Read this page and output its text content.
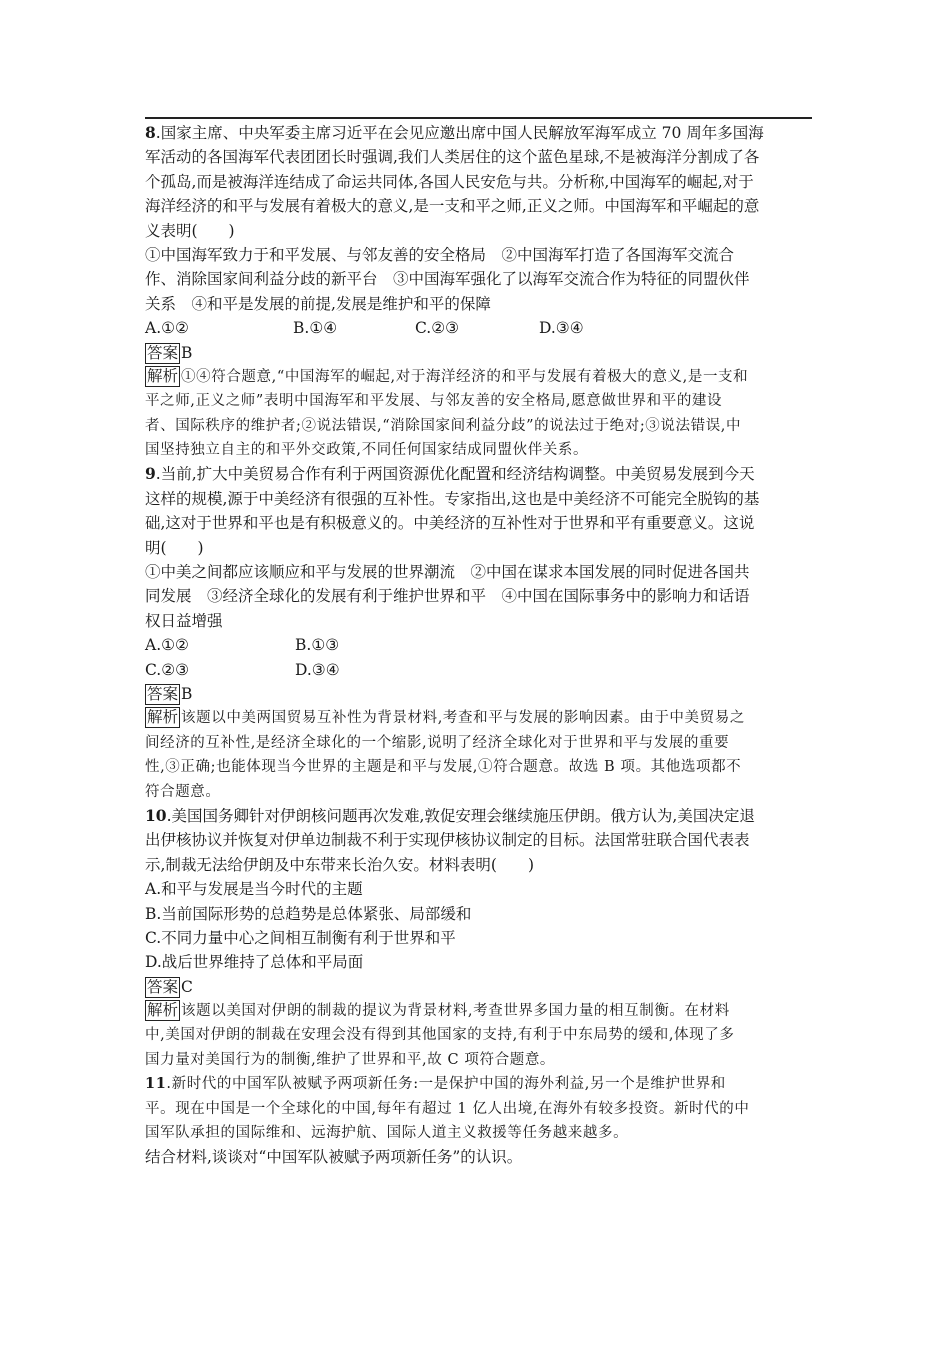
8.国家主席、中央军委主席习近平在会见应邀出席中国人民解放军海军成立 70 周年多国海
军活动的各国海军代表团团长时强调,我们人类居住的这个蓝色星球,不是被海洋分割成了各
个孤岛,而是被海洋连结成了命运共同体,各国人民安危与共。分析称,中国海军的崛起,对于
海洋经济的和平与发展有着极大的意义,是一支和平之师,正义之师。中国海军和平崛起的意
义表明(　　)
①中国海军致力于和平发展、与邻友善的安全格局　②中国海军打造了各国海军交流合
作、消除国家间利益分歧的新平台　③中国海军强化了以海军交流合作为特征的同盟伙伴
关系　④和平是发展的前提,发展是维护和平的保障
A.①②	B.①④	C.②③	D.③④
答案 B
解析 ①④符合题意,“中国海军的崛起,对于海洋经济的和平与发展有着极大的意义,是一支和
平之师,正义之师”表明中国海军和平发展、与邻友善的安全格局,愿意做世界和平的建设
者、国际秩序的维护者;②说法错误,“消除国家间利益分歧”的说法过于绝对;③说法错误,中
国坚持独立自主的和平外交政策,不同任何国家结成同盟伙伴关系。
9.当前,扩大中美贸易合作有利于两国资源优化配置和经济结构调整。中美贸易发展到今天
这样的规模,源于中美经济有很强的互补性。专家指出,这也是中美经济不可能完全脱钩的基
础,这对于世界和平也是有积极意义的。中美经济的互补性对于世界和平有重要意义。这说
明(　　)
①中美之间都应该顺应和平与发展的世界潮流　②中国在谋求本国发展的同时促进各国共
同发展　③经济全球化的发展有利于维护世界和平　④中国在国际事务中的影响力和话语
权日益增强
A.①②	B.①③
C.②③	D.③④
答案 B
解析 该题以中美两国贸易互补性为背景材料,考查和平与发展的影响因素。由于中美贸易之
间经济的互补性,是经济全球化的一个缩影,说明了经济全球化对于世界和平与发展的重要
性,③正确;也能体现当今世界的主题是和平与发展,①符合题意。故选 B 项。其他选项都不
符合题意。
10.美国国务卿针对伊朗核问题再次发难,敦促安理会继续施压伊朗。俄方认为,美国决定退
出伊核协议并恢复对伊单边制裁不利于实现伊核协议制定的目标。法国常驻联合国代表表
示,制裁无法给伊朗及中东带来长治久安。材料表明(　　)
A.和平与发展是当今时代的主题
B.当前国际形势的总趋势是总体紧张、局部缓和
C.不同力量中心之间相互制衡有利于世界和平
D.战后世界维持了总体和平局面
答案 C
解析 该题以美国对伊朗的制裁的提议为背景材料,考查世界多国力量的相互制衡。在材料
中,美国对伊朗的制裁在安理会没有得到其他国家的支持,有利于中东局势的缓和,体现了多
国力量对美国行为的制衡,维护了世界和平,故 C 项符合题意。
11.新时代的中国军队被赋予两项新任务:一是保护中国的海外利益,另一个是维护世界和
平。现在中国是一个全球化的中国,每年有超过 1 亿人出境,在海外有较多投资。新时代的中
国军队承担的国际维和、远海护航、国际人道主义救援等任务越来越多。
结合材料,谈谈对“中国军队被赋予两项新任务”的认识。
